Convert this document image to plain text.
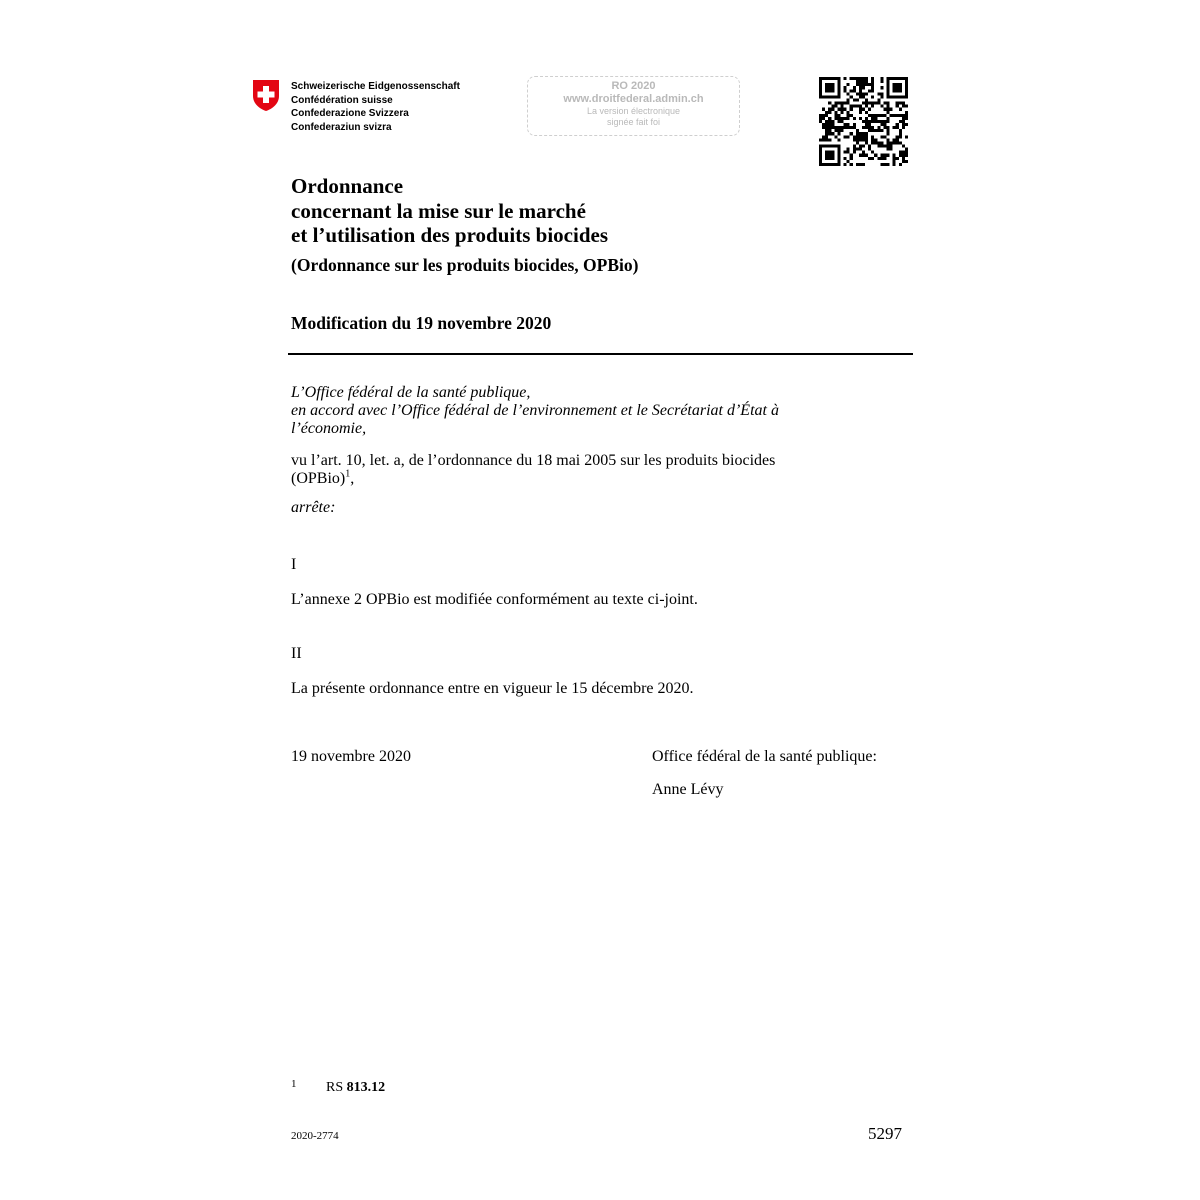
Schweizerische Eidgenossenschaft
Confédération suisse
Confederazione Svizzera
Confederaziun svizra
RO 2020
www.droitfederal.admin.ch
La version électronique
signée fait foi
Ordonnance
concernant la mise sur le marché
et l’utilisation des produits biocides
(Ordonnance sur les produits biocides, OPBio)
Modification du 19 novembre 2020
L’Office fédéral de la santé publique,
en accord avec l’Office fédéral de l’environnement et le Secrétariat d’État à
l’économie,
vu l’art. 10, let. a, de l’ordonnance du 18 mai 2005 sur les produits biocides
(OPBio)$^1$,
arrête:
I
L’annexe 2 OPBio est modifiée conformément au texte ci-joint.
II
La présente ordonnance entre en vigueur le 15 décembre 2020.
19 novembre 2020	Office fédéral de la santé publique:
Anne Lévy
1 RS 813.12
2020-2774	5297
